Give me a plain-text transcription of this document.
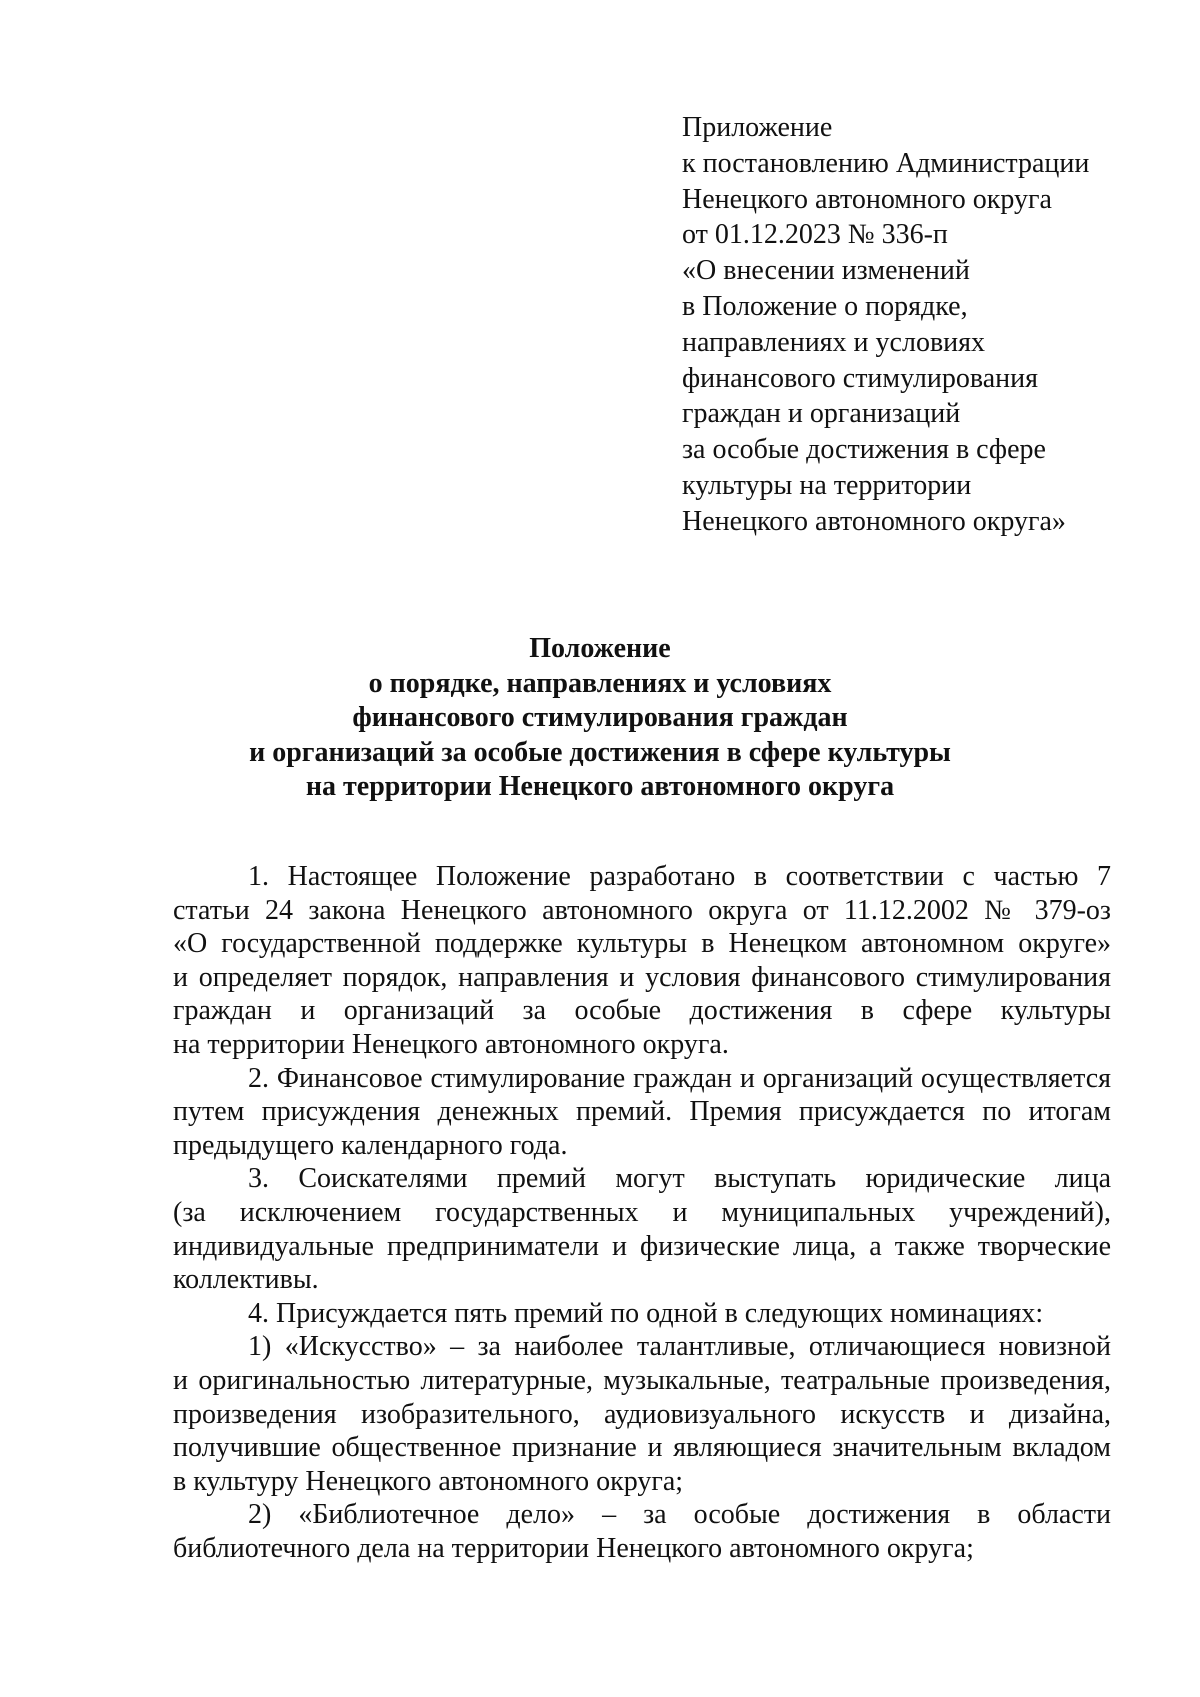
Приложение
к постановлению Администрации
Ненецкого автономного округа
от 01.12.2023 № 336-п
«О внесении изменений
в Положение о порядке,
направлениях и условиях
финансового стимулирования
граждан и организаций
за особые достижения в сфере
культуры на территории
Ненецкого автономного округа»
Положение
о порядке, направлениях и условиях
финансового стимулирования граждан
и организаций за особые достижения в сфере культуры
на территории Ненецкого автономного округа
1. Настоящее Положение разработано в соответствии с частью 7
статьи 24 закона Ненецкого автономного округа от 11.12.2002 № 379-оз
«О государственной поддержке культуры в Ненецком автономном округе»
и определяет порядок, направления и условия финансового стимулирования
граждан и организаций за особые достижения в сфере культуры
на территории Ненецкого автономного округа.
2. Финансовое стимулирование граждан и организаций осуществляется
путем присуждения денежных премий. Премия присуждается по итогам
предыдущего календарного года.
3. Соискателями премий могут выступать юридические лица
(за исключением государственных и муниципальных учреждений),
индивидуальные предприниматели и физические лица, а также творческие
коллективы.
4. Присуждается пять премий по одной в следующих номинациях:
1) «Искусство» – за наиболее талантливые, отличающиеся новизной
и оригинальностью литературные, музыкальные, театральные произведения,
произведения изобразительного, аудиовизуального искусств и дизайна,
получившие общественное признание и являющиеся значительным вкладом
в культуру Ненецкого автономного округа;
2) «Библиотечное дело» – за особые достижения в области
библиотечного дела на территории Ненецкого автономного округа;
